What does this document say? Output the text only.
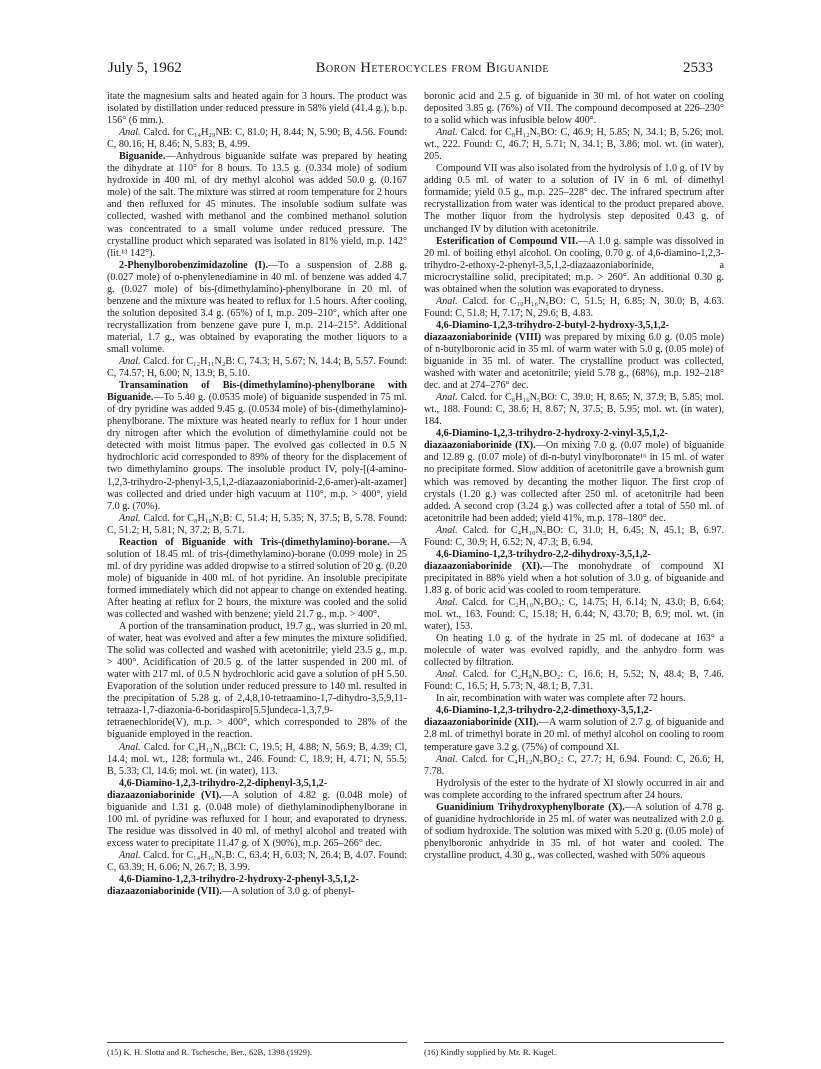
July 5, 1962	Boron Heterocycles from Biguanide	2533

itate the magnesium salts and heated again for 3 hours. The product was isolated by distillation under reduced pressure in 58% yield (41.4 g.), b.p. 156° (6 mm.).

Anal. Calcd. for C₁₄H₂₉NB: C, 81.0; H, 8.44; N, 5.90; B, 4.56. Found: C, 80.16; H, 8.46; N, 5.83; B, 4.99.

Biguanide.—Anhydrous biguanide sulfate was prepared by heating the dihydrate at 110° for 8 hours. To 13.5 g. (0.334 mole) of sodium hydroxide in 400 ml. of dry methyl alcohol was added 50.0 g. (0.167 mole) of the salt. The mixture was stirred at room temperature for 2 hours and then refluxed for 45 minutes. The insoluble sodium sulfate was collected, washed with methanol and the combined methanol solution was concentrated to a small volume under reduced pressure. The crystalline product which separated was isolated in 81% yield, m.p. 142° (lit.¹³ 142°).

2-Phenylborobenzimidazoline (I).—To a suspension of 2.88 g. (0.027 mole) of o-phenylenediamine in 40 ml. of benzene was added 4.7 g. (0.027 mole) of bis-(dimethylamino)-phenylborane in 20 ml. of benzene and the mixture was heated to reflux for 1.5 hours. After cooling, the solution deposited 3.4 g. (65%) of I, m.p. 209–210°, which after one recrystallization from benzene gave pure I, m.p. 214–215°. Additional material, 1.7 g., was obtained by evaporating the mother liquors to a small volume.

Anal. Calcd. for C₁₂H₁₁N₂B: C, 74.3; H, 5.67; N, 14.4; B, 5.57. Found: C, 74.57; H, 6.00; N, 13.9; B, 5.10.

Transamination of Bis-(dimethylamino)-phenylborane with Biguanide.—To 5.40 g. (0.0535 mole) of biguanide suspended in 75 ml. of dry pyridine was added 9.45 g. (0.0534 mole) of bis-(dimethylamino)-phenylborane. The mixture was heated nearly to reflux for 1 hour under dry nitrogen after which the evolution of dimethylamine could not be detected with moist litmus paper. The evolved gas collected in 0.5 N hydrochloric acid corresponded to 89% of theory for the displacement of two dimethylamino groups. The insoluble product IV, poly-[(4-amino-1,2,3-trihydro-2-phenyl-3,5,1,2-diazaazoniaborinid-2,6-amer)-alt-azamer] was collected and dried under high vacuum at 110°, m.p. > 400°, yield 7.0 g. (70%).

Anal. Calcd. for C₈H₁₀N₅B: C, 51.4; H, 5.35; N, 37.5; B, 5.78. Found: C, 51.2; H, 5.81; N, 37.2; B, 5.71.

Reaction of Biguanide with Tris-(dimethylamino)-borane.—A solution of 18.45 ml. of tris-(dimethylamino)-borane (0.099 mole) in 25 ml. of dry pyridine was added dropwise to a stirred solution of 20 g. (0.20 mole) of biguanide in 400 ml. of hot pyridine. An insoluble precipitate formed immediately which did not appear to change on extended heating. After heating at reflux for 2 hours, the mixture was cooled and the solid was collected and washed with benzene; yield 21.7 g., m.p. > 400°.

A portion of the transamination product, 19.7 g., was slurried in 20 ml. of water, heat was evolved and after a few minutes the mixture solidified. The solid was collected and washed with acetonitrile; yield 23.5 g., m.p. > 400°. Acidification of 20.5 g. of the latter suspended in 200 ml. of water with 217 ml. of 0.5 N hydrochloric acid gave a solution of pH 5.50. Evaporation of the solution under reduced pressure to 140 ml. resulted in the precipitation of 5.28 g. of 2,4,8,10-tetraamino-1,7-dihydro-3,5,9,11-tetraaza-1,7-diazonia-6-boridaspiro[5.5]undeca-1,3,7,9-tetraenechloride(V), m.p. > 400°, which corresponded to 28% of the biguanide employed in the reaction.

Anal. Calcd. for C₄H₁₂N₁₀BCl: C, 19.5; H, 4.88; N, 56.9; B, 4.39; Cl, 14.4; mol. wt., 128; formula wt., 246. Found: C, 18.9; H, 4.71; N, 55.5; B, 5.33; Cl, 14.6; mol. wt. (in water), 113.

4,6-Diamino-1,2,3-trihydro-2,2-diphenyl-3,5,1,2-diazaazoniaborinide (VI).—A solution of 4.82 g. (0.048 mole) of biguanide and 1.31 g. (0.048 mole) of diethylaminodiphenylborane in 100 ml. of pyridine was refluxed for 1 hour, and evaporated to dryness. The residue was dissolved in 40 ml. of methyl alcohol and treated with excess water to precipitate 11.47 g. of X (90%), m.p. 265–266° dec.

Anal. Calcd. for C₁₄H₁₆N₅B: C, 63.4; H, 6.03; N, 26.4; B, 4.07. Found: C, 63.39; H, 6.06; N, 26.7; B, 3.99.

4,6-Diamino-1,2,3-trihydro-2-hydroxy-2-phenyl-3,5,1,2-diazaazoniaborinide (VII).—A solution of 3.0 g. of phenyl-

boronic acid and 2.5 g. of biguanide in 30 ml. of hot water on cooling deposited 3.85 g. (76%) of VII. The compound decomposed at 226–230° to a solid which was infusible below 400°.

Anal. Calcd. for C₈H₁₂N₅BO: C, 46.9; H, 5.85; N, 34.1; B, 5.26; mol. wt., 222. Found: C, 46.7; H, 5.71; N, 34.1; B, 3.86; mol. wt. (in water), 205.

Compound VII was also isolated from the hydrolysis of 1.0 g. of IV by adding 0.5 ml. of water to a solution of IV in 6 ml. of dimethyl formamide; yield 0.5 g., m.p. 225–228° dec. The infrared spectrum after recrystallization from water was identical to the product prepared above. The mother liquor from the hydrolysis step deposited 0.43 g. of unchanged IV by dilution with acetonitrile.

Esterification of Compound VII.—A 1.0 g. sample was dissolved in 20 ml. of boiling ethyl alcohol. On cooling, 0.70 g. of 4,6-diamino-1,2,3-trihydro-2-ethoxy-2-phenyl-3,5,1,2-diazaazoniaborinide, a microcrystalline solid, precipitated; m.p. > 260°. An additional 0.30 g. was obtained when the solution was evaporated to dryness.

Anal. Calcd. for C₁₀H₁₆N₅BO: C, 51.5; H, 6.85; N, 30.0; B, 4.63. Found: C, 51.8; H, 7.17; N, 29.6; B, 4.83.

4,6-Diamino-1,2,3-trihydro-2-butyl-2-hydroxy-3,5,1,2-diazaazoniaborinide (VIII) was prepared by mixing 6.0 g. (0.05 mole) of n-butylboronic acid in 35 ml. of warm water with 5.0 g. (0.05 mole) of biguanide in 35 ml. of water. The crystalline product was collected, washed with water and acetonitrile; yield 5.78 g., (68%), m.p. 192–218° dec. and at 274–276° dec.

Anal. Calcd. for C₆H₁₆N₅BO: C, 39.0; H, 8.65; N, 37.9; B, 5.85; mol. wt., 188. Found: C, 38.6; H, 8.67; N, 37.5; B, 5.95; mol. wt. (in water), 184.

4,6-Diamino-1,2,3-trihydro-2-hydroxy-2-vinyl-3,5,1,2-diazaazoniaborinide (IX).—On mixing 7.0 g. (0.07 mole) of biguanide and 12.89 g. (0.07 mole) of di-n-butyl vinylboronate¹⁶ in 15 ml. of water no precipitate formed. Slow addition of acetonitrile gave a brownish gum which was removed by decanting the mother liquor. The first crop of crystals (1.20 g.) was collected after 250 ml. of acetonitrile had been added. A second crop (3.24 g.) was collected after a total of 550 ml. of acetonitrile had been added; yield 41%, m.p. 178–180° dec.

Anal. Calcd. for C₄H₁₀N₅BO: C, 31.0; H, 6.45; N, 45.1; B, 6.97. Found: C, 30.9; H, 6.52; N, 47.3; B, 6.94.

4,6-Diamino-1,2,3-trihydro-2,2-dihydroxy-3,5,1,2-diazaazoniaborinide (XI).—The monohydrate of compound XI precipitated in 88% yield when a hot solution of 3.0 g. of biguanide and 1.83 g. of boric acid was cooled to room temperature.

Anal. Calcd. for C₂H₁₀N₅BO₃: C, 14.75; H, 6.14; N, 43.0; B, 6.64; mol. wt., 163. Found: C, 15.18; H, 6.44; N, 43.70; B, 6.9; mol. wt. (in water), 153.

On heating 1.0 g. of the hydrate in 25 ml. of dodecane at 163° a molecule of water was evolved rapidly, and the anhydro form was collected by filtration.

Anal. Calcd. for C₂H₈N₅BO₂: C, 16.6; H, 5.52; N, 48.4; B, 7.46. Found: C, 16.5; H, 5.73; N, 48.1; B, 7.31.

In air, recombination with water was complete after 72 hours.

4,6-Diamino-1,2,3-trihydro-2,2-dimethoxy-3,5,1,2-diazaazoniaborinide (XII).—A warm solution of 2.7 g. of biguanide and 2.8 ml. of trimethyl borate in 20 ml. of methyl alcohol on cooling to room temperature gave 3.2 g. (75%) of compound XI.

Anal. Calcd. for C₄H₁₂N₅BO₂: C, 27.7; H, 6.94. Found: C, 26.6; H, 7.78.

Hydrolysis of the ester to the hydrate of XI slowly occurred in air and was complete according to the infrared spectrum after 24 hours.

Guanidinium Trihydroxyphenylborate (X).—A solution of 4.78 g. of guanidine hydrochloride in 25 ml. of water was neutralized with 2.0 g. of sodium hydroxide. The solution was mixed with 5.20 g. (0.05 mole) of phenylboronic anhydride in 35 ml. of hot water and cooled. The crystalline product, 4.30 g., was collected, washed with 50% aqueous

(15) K. H. Slotta and R. Tschesche, Ber., 62B, 1398 (1929).	(16) Kindly supplied by Mr. R. Kugel.
